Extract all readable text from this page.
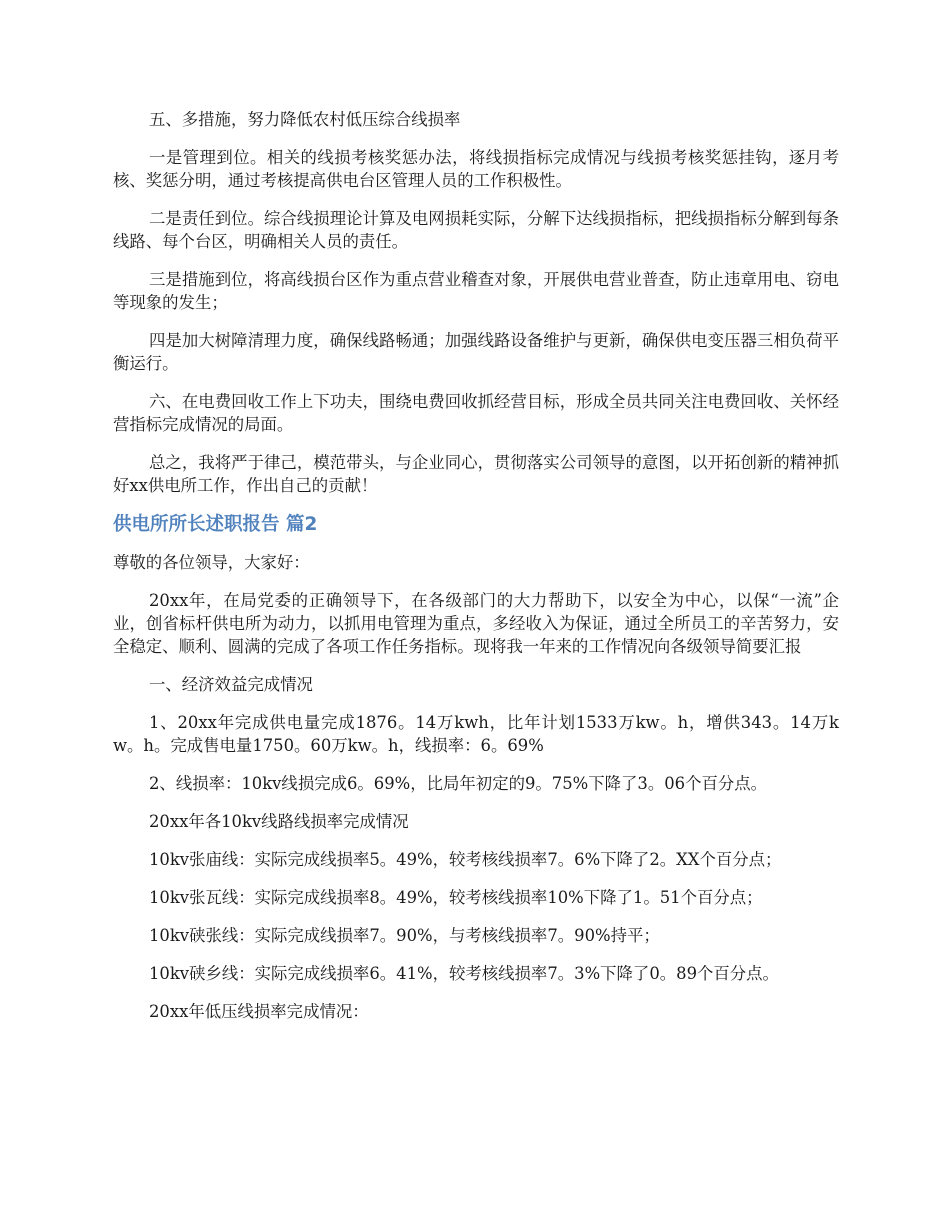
五、多措施，努力降低农村低压综合线损率

一是管理到位。相关的线损考核奖惩办法，将线损指标完成情况与线损考核奖惩挂钩，逐月考核、奖惩分明，通过考核提高供电台区管理人员的工作积极性。

二是责任到位。综合线损理论计算及电网损耗实际，分解下达线损指标，把线损指标分解到每条线路、每个台区，明确相关人员的责任。

三是措施到位，将高线损台区作为重点营业稽查对象，开展供电营业普查，防止违章用电、窃电等现象的发生；

四是加大树障清理力度，确保线路畅通；加强线路设备维护与更新，确保供电变压器三相负荷平衡运行。

六、在电费回收工作上下功夫，围绕电费回收抓经营目标，形成全员共同关注电费回收、关怀经营指标完成情况的局面。

总之，我将严于律己，模范带头，与企业同心，贯彻落实公司领导的意图，以开拓创新的精神抓好xx供电所工作，作出自己的贡献！

供电所所长述职报告 篇2

尊敬的各位领导，大家好：

20xx年，在局党委的正确领导下，在各级部门的大力帮助下，以安全为中心，以保“一流”企业，创省标杆供电所为动力，以抓用电管理为重点，多经收入为保证，通过全所员工的辛苦努力，安全稳定、顺利、圆满的完成了各项工作任务指标。现将我一年来的工作情况向各级领导简要汇报

一、经济效益完成情况

1、20xx年完成供电量完成1876。14万kwh，比年计划1533万kw。h，增供343。14万kw。h。完成售电量1750。60万kw。h，线损率：6。69%

2、线损率：10kv线损完成6。69%，比局年初定的9。75%下降了3。06个百分点。

20xx年各10kv线路线损率完成情况

10kv张庙线：实际完成线损率5。49%，较考核线损率7。6%下降了2。XX个百分点；

10kv张瓦线：实际完成线损率8。49%，较考核线损率10%下降了1。51个百分点；

10kv硖张线：实际完成线损率7。90%，与考核线损率7。90%持平；

10kv硖乡线：实际完成线损率6。41%，较考核线损率7。3%下降了0。89个百分点。

20xx年低压线损率完成情况：
